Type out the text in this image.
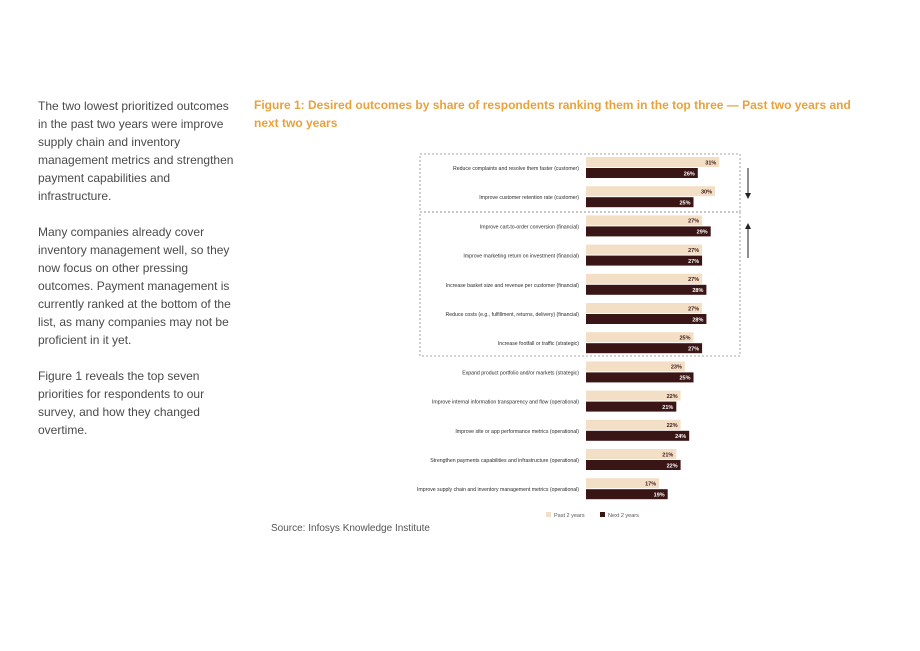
The two lowest prioritized outcomes in the past two years were improve supply chain and inventory management metrics and strengthen payment capabilities and infrastructure.

Many companies already cover inventory management well, so they now focus on other pressing outcomes. Payment management is currently ranked at the bottom of the list, as many companies may not be proficient in it yet.

Figure 1 reveals the top seven priorities for respondents to our survey, and how they changed overtime.

Figure 1: Desired outcomes by share of respondents ranking them in the top three — Past two years and next two years
Reduce complaints and resolve them faster (customer)
31%
26%
Improve customer retention rate (customer)
30%
25%
Improve cart-to-order conversion (financial)
27%
29%
Improve marketing return on investment (financial)
27%
27%
Increase basket size and revenue per customer (financial)
27%
28%
Reduce costs (e.g., fulfillment, returns, delivery) (financial)
27%
28%
Increase footfall or traffic (strategic)
25%
27%
Expand product portfolio and/or markets (strategic)
23%
25%
Improve internal information transparency and flow (operational)
22%
21%
Improve site or app performance metrics (operational)
22%
24%
Strengthen payments capabilities and infrastructure (operational)
21%
22%
Improve supply chain and inventory management metrics (operational)
17%
19%
Past 2 years	Next 2 years
Source: Infosys Knowledge Institute
